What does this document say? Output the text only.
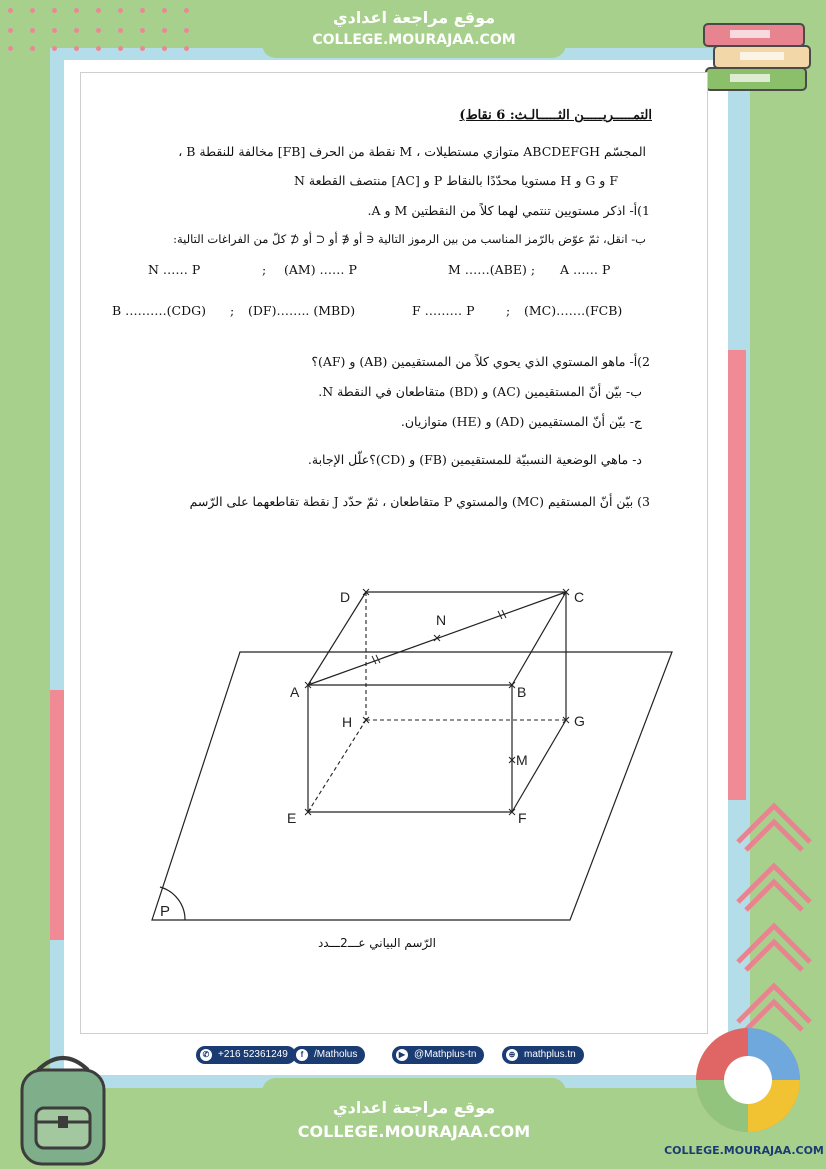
موقع مراجعة اعدادي
COLLEGE.MOURAJAA.COM
التمـــــريـــــن الثـــــالـث: 6 نقاط)
المجسّم ABCDEFGH متوازي مستطيلات ، M نقطة من الحرف [FB] مخالفة للنقطة B ،
N منتصف القطعة [AC] و P مستويا محدّدًا بالنقاط H و G و F
1)أ- اذكر مستويين تنتمي لهما كلاً من النقطتين M و A.
ب- انقل، ثمّ عوّض بالرّمز المناسب من بين الرموز التالية ∈ أو ∉ أو ⊂ أو ⊄ كلّ من الفراغات التالية:
N …… P	; (AM) …… P	M ……(ABE) ; A …… P
B ……….(CDG) ; (DF)…….. (MBD)	F ……… P	; (MC)…….(FCB)
2)أ- ماهو المستوي الذي يحوي كلاً من المستقيمين (AB) و (AF)؟
ب- بيّن أنّ المستقيمين (AC) و (BD) متقاطعان في النقطة N.
ج- بيّن أنّ المستقيمين (AD) و (HE) متوازيان.
د- ماهي الوضعية النسبيّة للمستقيمين (FB) و (CD)؟علّل الإجابة.
3) بيّن أنّ المستقيم (MC) والمستوي P متقاطعان ، ثمّ حدّد J نقطة تقاطعهما على الرّسم
A	B
C
D
E	F
G
H
M
N
P
الرّسم البياني عـــ2ـــدد
✆ +216 52361249	f	/Matholus	▶ @Mathplus-tn	⊕ mathplus.tn
موقع مراجعة اعدادي
COLLEGE.MOURAJAA.COM
COLLEGE.MOURAJAA.COM
